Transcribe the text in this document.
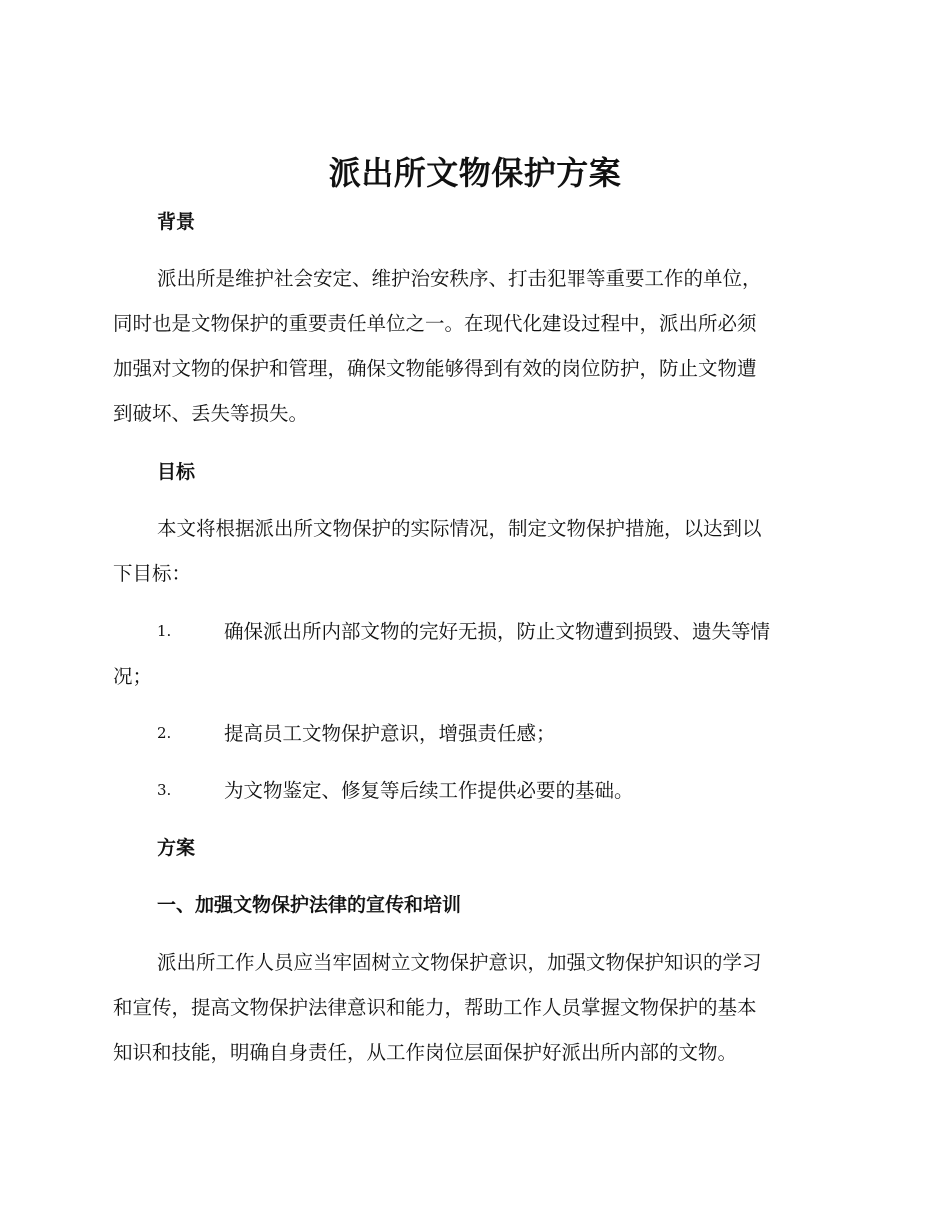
派出所文物保护方案
背景
派出所是维护社会安定、维护治安秩序、打击犯罪等重要工作的单位，
同时也是文物保护的重要责任单位之一。在现代化建设过程中，派出所必须
加强对文物的保护和管理，确保文物能够得到有效的岗位防护，防止文物遭
到破坏、丢失等损失。
目标
本文将根据派出所文物保护的实际情况，制定文物保护措施，以达到以
下目标：
1.	确保派出所内部文物的完好无损，防止文物遭到损毁、遗失等情
况；
2.	提高员工文物保护意识，增强责任感；
3.	为文物鉴定、修复等后续工作提供必要的基础。
方案
一、加强文物保护法律的宣传和培训
派出所工作人员应当牢固树立文物保护意识，加强文物保护知识的学习
和宣传，提高文物保护法律意识和能力，帮助工作人员掌握文物保护的基本
知识和技能，明确自身责任，从工作岗位层面保护好派出所内部的文物。
